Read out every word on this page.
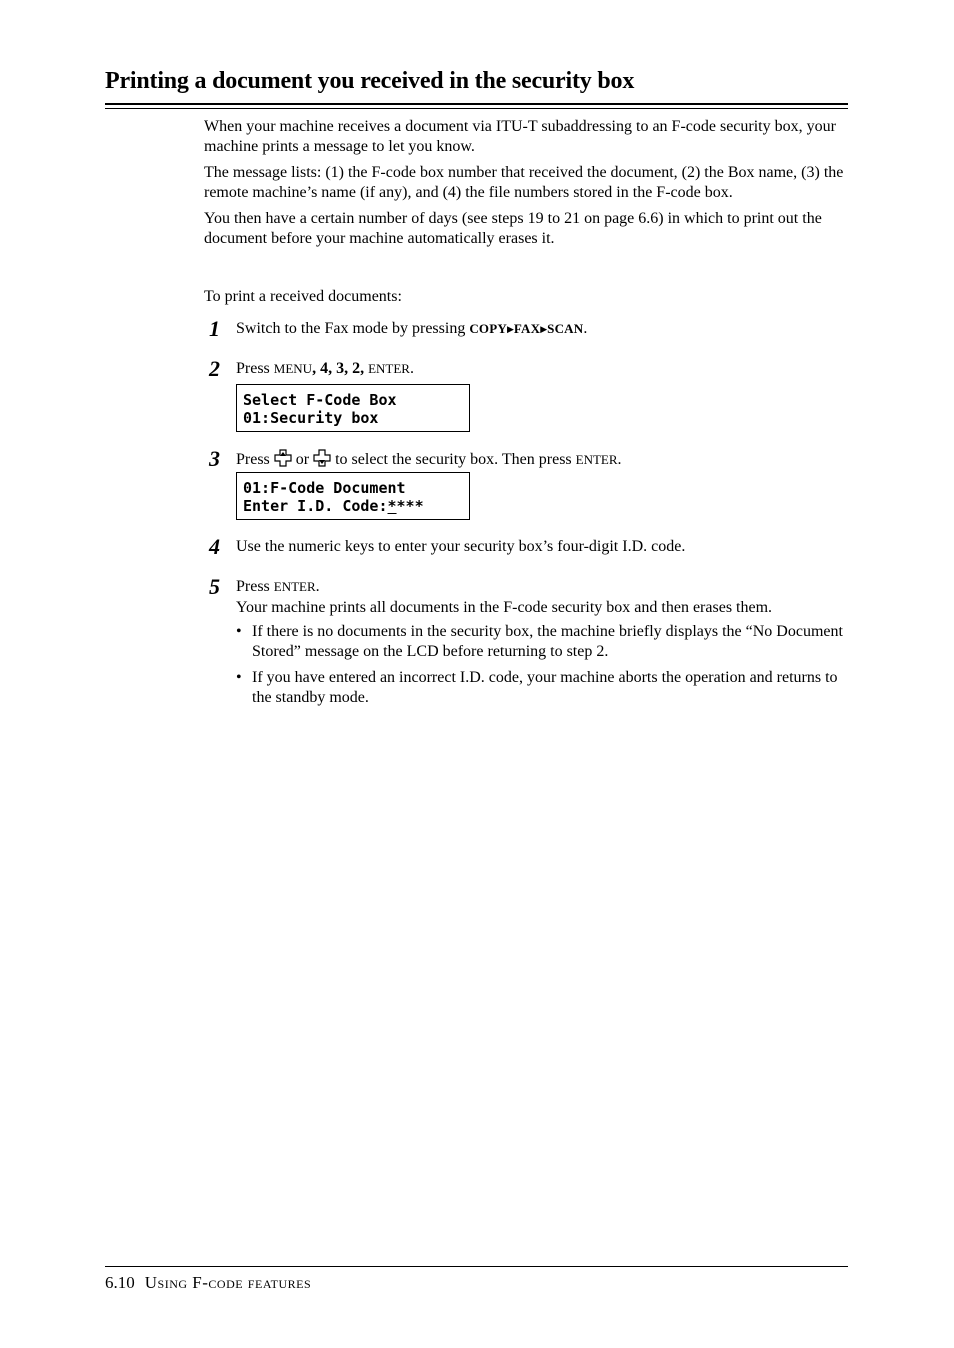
Printing a document you received in the security box

When your machine receives a document via ITU-T subaddressing to an F-code security box, your machine prints a message to let you know.

The message lists: (1) the F-code box number that received the document, (2) the Box name, (3) the remote machine’s name (if any), and (4) the file numbers stored in the F-code box.

You then have a certain number of days (see steps 19 to 21 on page 6.6) in which to print out the document before your machine automatically erases it.

To print a received documents:
1 Switch to the Fax mode by pressing COPY▶FAX▶SCAN.
2 Press MENU, 4, 3, 2, ENTER.
Select F-Code Box
01:Security box
3 Press or to select the security box. Then press ENTER.
01:F-Code Document
Enter I.D. Code:****
4 Use the numeric keys to enter your security box’s four-digit I.D. code.
5 Press ENTER.
Your machine prints all documents in the F-code security box and then erases them.
• If there is no documents in the security box, the machine briefly displays the “No Document Stored” message on the LCD before returning to step 2.
• If you have entered an incorrect I.D. code, your machine aborts the operation and returns to the standby mode.
6.10 Using F-code features
